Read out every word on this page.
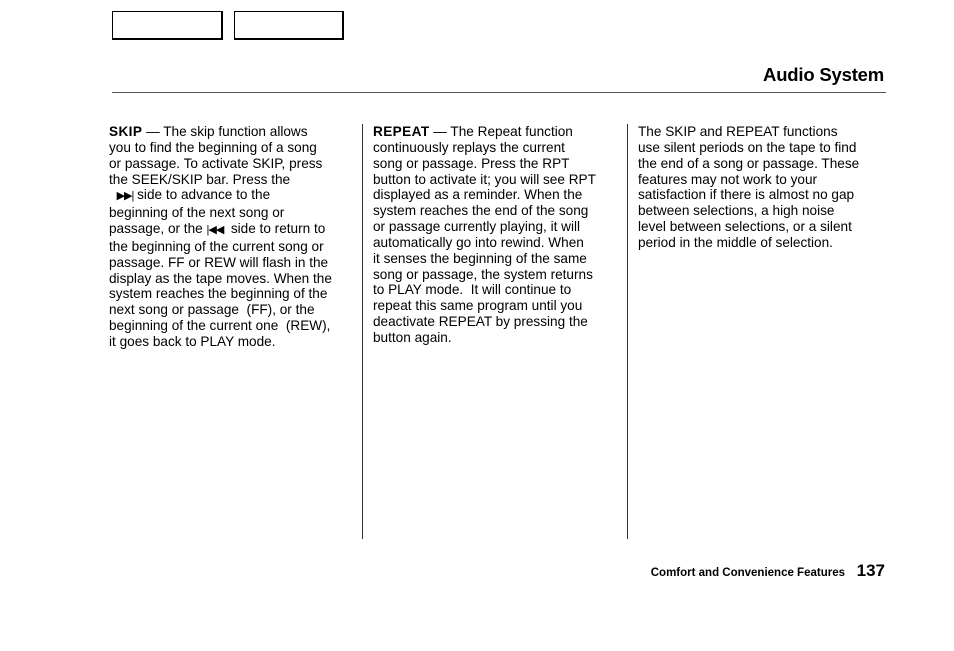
Audio System
SKIP — The skip function allows
you to find the beginning of a song
or passage. To activate SKIP, press
the SEEK/SKIP bar. Press the
▶▶| side to advance to the
beginning of the next song or
passage, or the |◀◀  side to return to
the beginning of the current song or
passage. FF or REW will flash in the
display as the tape moves. When the
system reaches the beginning of the
next song or passage  (FF), or the
beginning of the current one  (REW),
it goes back to PLAY mode.
REPEAT — The Repeat function
continuously replays the current
song or passage. Press the RPT
button to activate it; you will see RPT
displayed as a reminder. When the
system reaches the end of the song
or passage currently playing, it will
automatically go into rewind. When
it senses the beginning of the same
song or passage, the system returns
to PLAY mode.  It will continue to
repeat this same program until you
deactivate REPEAT by pressing the
button again.
The SKIP and REPEAT functions
use silent periods on the tape to find
the end of a song or passage. These
features may not work to your
satisfaction if there is almost no gap
between selections, a high noise
level between selections, or a silent
period in the middle of selection.
Comfort and Convenience Features 137
